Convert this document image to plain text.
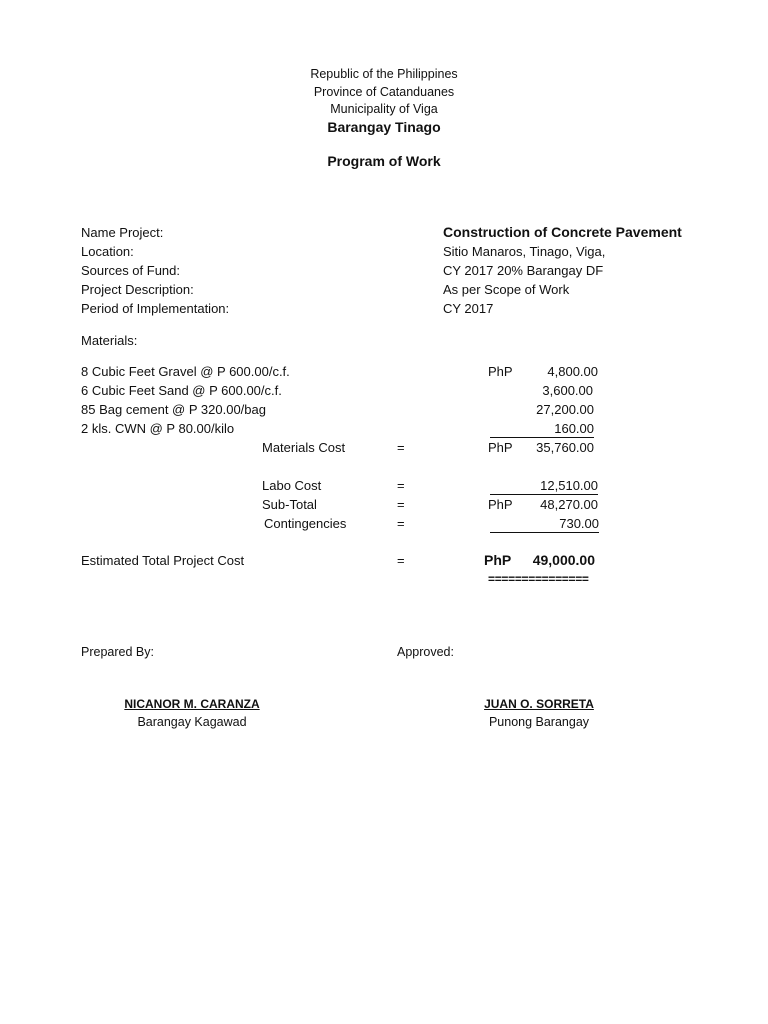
Republic of the Philippines
Province of Catanduanes
Municipality of Viga
Barangay Tinago
Program of Work
Name Project:	Construction of Concrete Pavement
Location:	Sitio Manaros, Tinago, Viga,
Sources of Fund:	CY 2017 20% Barangay DF
Project Description:	As per Scope of Work
Period of Implementation:	CY 2017
Materials:
8 Cubic Feet Gravel @ P 600.00/c.f.	PhP	4,800.00
6 Cubic Feet Sand @ P 600.00/c.f.	3,600.00
85 Bag cement @ P 320.00/bag	27,200.00
2 kls. CWN @ P 80.00/kilo	160.00
Materials Cost	=	PhP	35,760.00
Labo Cost	=	12,510.00
Sub-Total	=	PhP	48,270.00
Contingencies	=	730.00
Estimated Total Project Cost	=	PhP	49,000.00
===============
Prepared By:	Approved:
NICANOR M. CARANZA
Barangay Kagawad
JUAN O. SORRETA
Punong Barangay
